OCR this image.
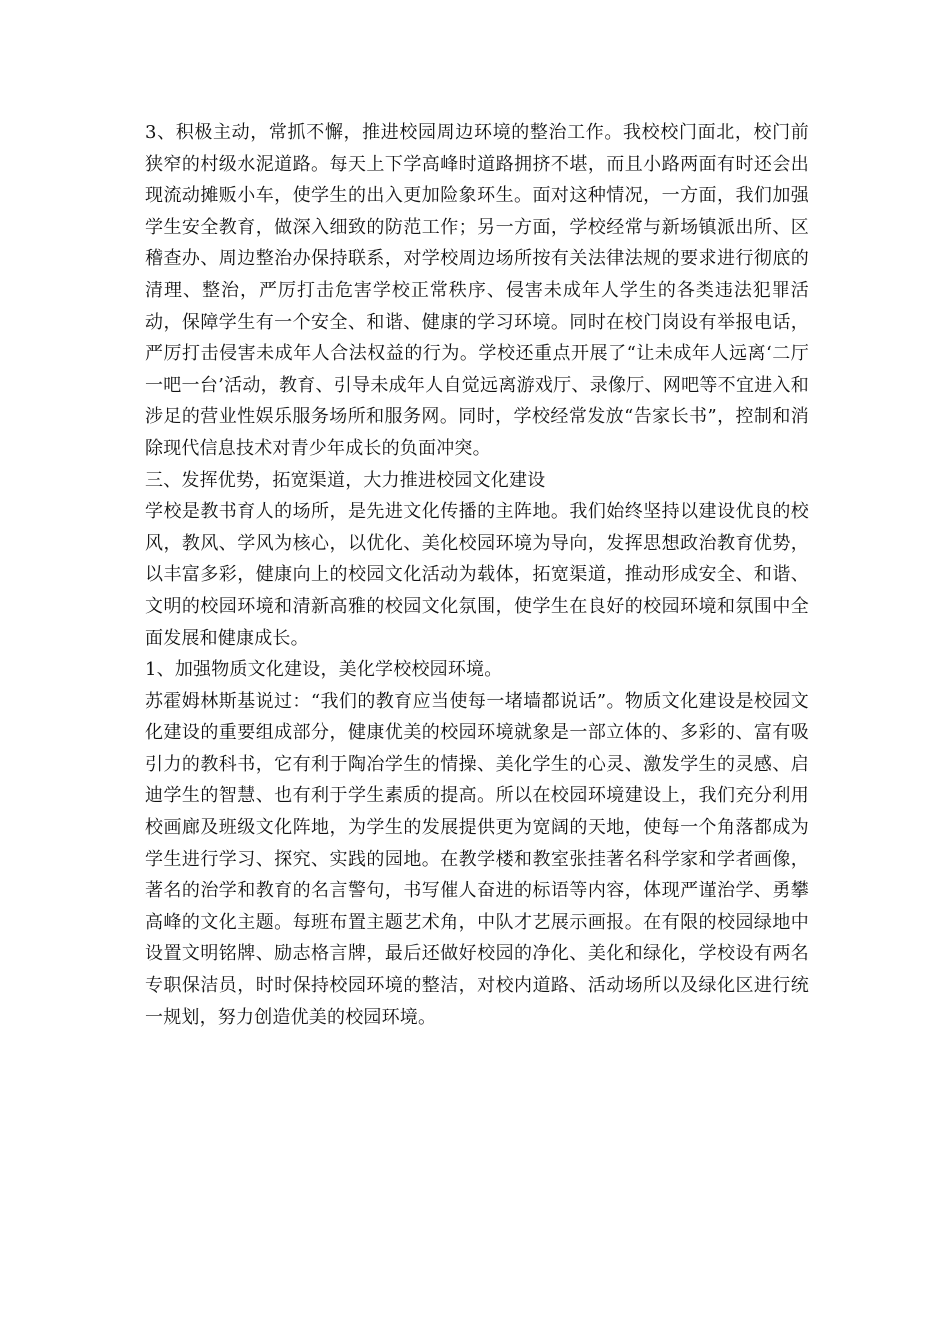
3、积极主动，常抓不懈，推进校园周边环境的整治工作。我校校门面北，校门前狭窄的村级水泥道路。每天上下学高峰时道路拥挤不堪，而且小路两面有时还会出现流动摊贩小车，使学生的出入更加险象环生。面对这种情况，一方面，我们加强学生安全教育，做深入细致的防范工作；另一方面，学校经常与新场镇派出所、区稽查办、周边整治办保持联系，对学校周边场所按有关法律法规的要求进行彻底的清理、整治，严厉打击危害学校正常秩序、侵害未成年人学生的各类违法犯罪活动，保障学生有一个安全、和谐、健康的学习环境。同时在校门岗设有举报电话，严厉打击侵害未成年人合法权益的行为。学校还重点开展了“让未成年人远离‘二厅一吧一台’活动，教育、引导未成年人自觉远离游戏厅、录像厅、网吧等不宜进入和涉足的营业性娱乐服务场所和服务网。同时，学校经常发放“告家长书”，控制和消除现代信息技术对青少年成长的负面冲突。

三、发挥优势，拓宽渠道，大力推进校园文化建设

学校是教书育人的场所，是先进文化传播的主阵地。我们始终坚持以建设优良的校风，教风、学风为核心，以优化、美化校园环境为导向，发挥思想政治教育优势，以丰富多彩，健康向上的校园文化活动为载体，拓宽渠道，推动形成安全、和谐、文明的校园环境和清新高雅的校园文化氛围，使学生在良好的校园环境和氛围中全面发展和健康成长。

1、加强物质文化建设，美化学校校园环境。

苏霍姆林斯基说过：“我们的教育应当使每一堵墙都说话”。物质文化建设是校园文化建设的重要组成部分，健康优美的校园环境就象是一部立体的、多彩的、富有吸引力的教科书，它有利于陶冶学生的情操、美化学生的心灵、激发学生的灵感、启迪学生的智慧、也有利于学生素质的提高。所以在校园环境建设上，我们充分利用校画廊及班级文化阵地，为学生的发展提供更为宽阔的天地，使每一个角落都成为学生进行学习、探究、实践的园地。在教学楼和教室张挂著名科学家和学者画像，著名的治学和教育的名言警句，书写催人奋进的标语等内容，体现严谨治学、勇攀高峰的文化主题。每班布置主题艺术角，中队才艺展示画报。在有限的校园绿地中设置文明铭牌、励志格言牌，最后还做好校园的净化、美化和绿化，学校设有两名专职保洁员，时时保持校园环境的整洁，对校内道路、活动场所以及绿化区进行统一规划，努力创造优美的校园环境。
